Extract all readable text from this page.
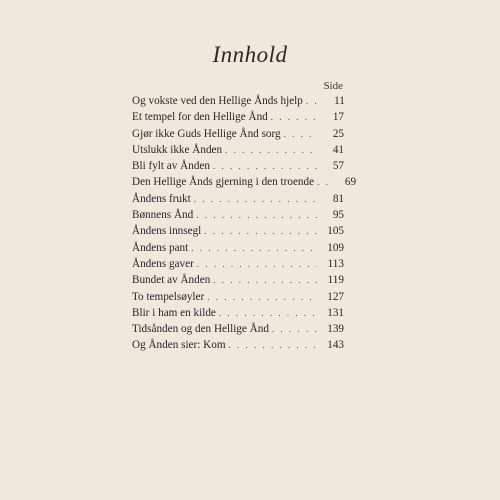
Innhold
Side
Og vokste ved den Hellige Ånds hjelp . . .	11
Et tempel for den Hellige Ånd . . .	17
Gjør ikke Guds Hellige Ånd sorg . . .	25
Utslukk ikke Ånden . . .	41
Bli fylt av Ånden . . .	57
Den Hellige Ånds gjerning i den troende . . .	69
Åndens frukt . . .	81
Bønnens Ånd . . .	95
Åndens innsegl . . .	105
Åndens pant . . .	109
Åndens gaver . . .	113
Bundet av Ånden . . .	119
To tempelsøyler . . .	127
Blir i ham en kilde . . .	131
Tidsånden og den Hellige Ånd . . .	139
Og Ånden sier: Kom . . .	143
